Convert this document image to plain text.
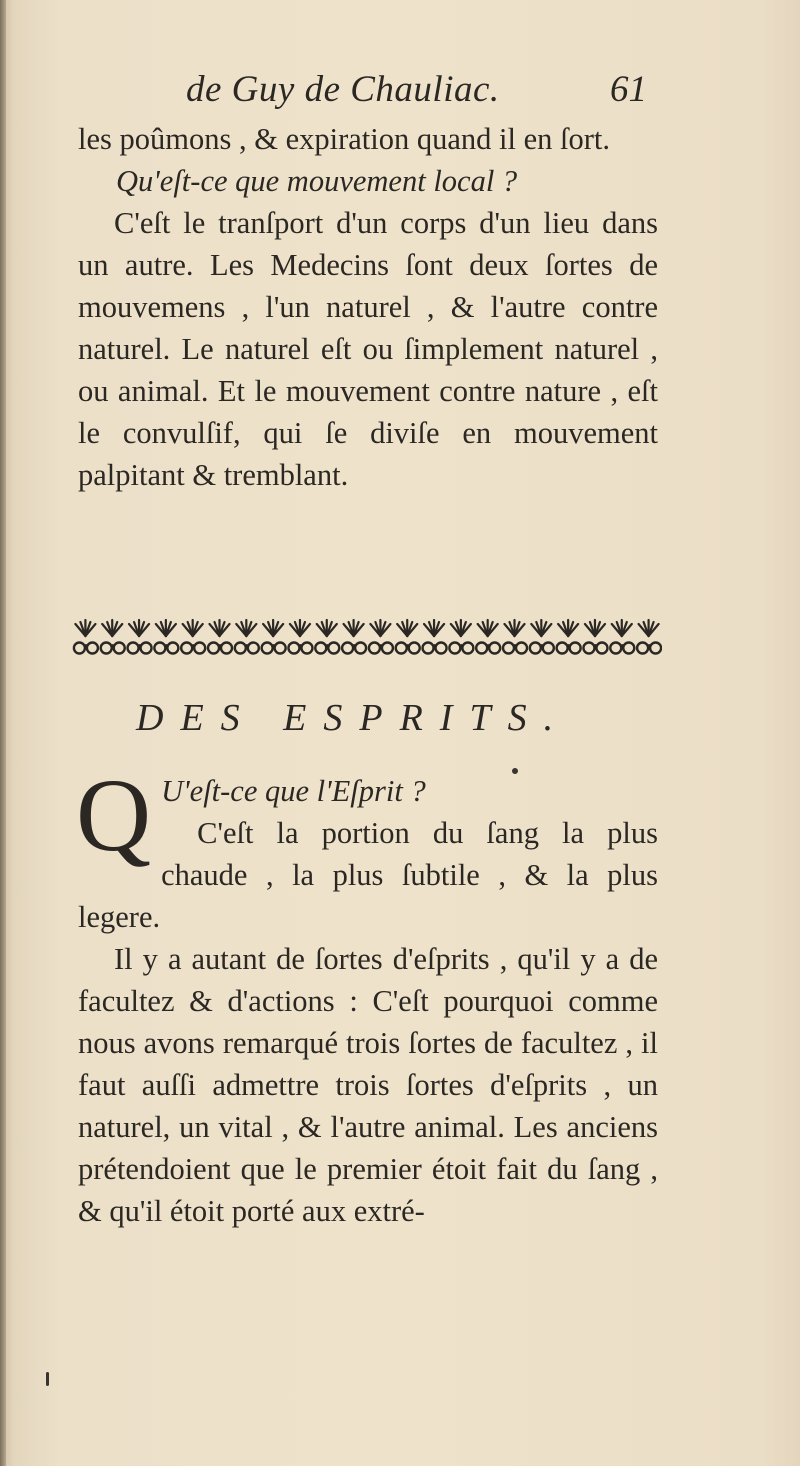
de Guy de Chauliac.	61

les poûmons , & expiration quand il en ſort.

Qu'eſt-ce que mouvement local ?

C'eſt le tranſport d'un corps d'un lieu dans un autre. Les Medecins ſont deux ſortes de mouvemens , l'un naturel , & l'autre contre naturel. Le naturel eſt ou ſimplement naturel , ou animal. Et le mouvement contre nature , eſt le convulſif, qui ſe diviſe en mouvement palpitant & tremblant.

DES ESPRITS.
Q U'eſt-ce que l'Eſprit ?

C'eſt la portion du ſang la plus chaude , la plus ſubtile , & la plus legere.

Il y a autant de ſortes d'eſprits , qu'il y a de facultez & d'actions : C'eſt pourquoi comme nous avons remarqué trois ſortes de facultez , il faut auſſi admettre trois ſortes d'eſprits , un naturel, un vital , & l'autre animal. Les anciens prétendoient que le premier étoit fait du ſang , & qu'il étoit porté aux extré-
